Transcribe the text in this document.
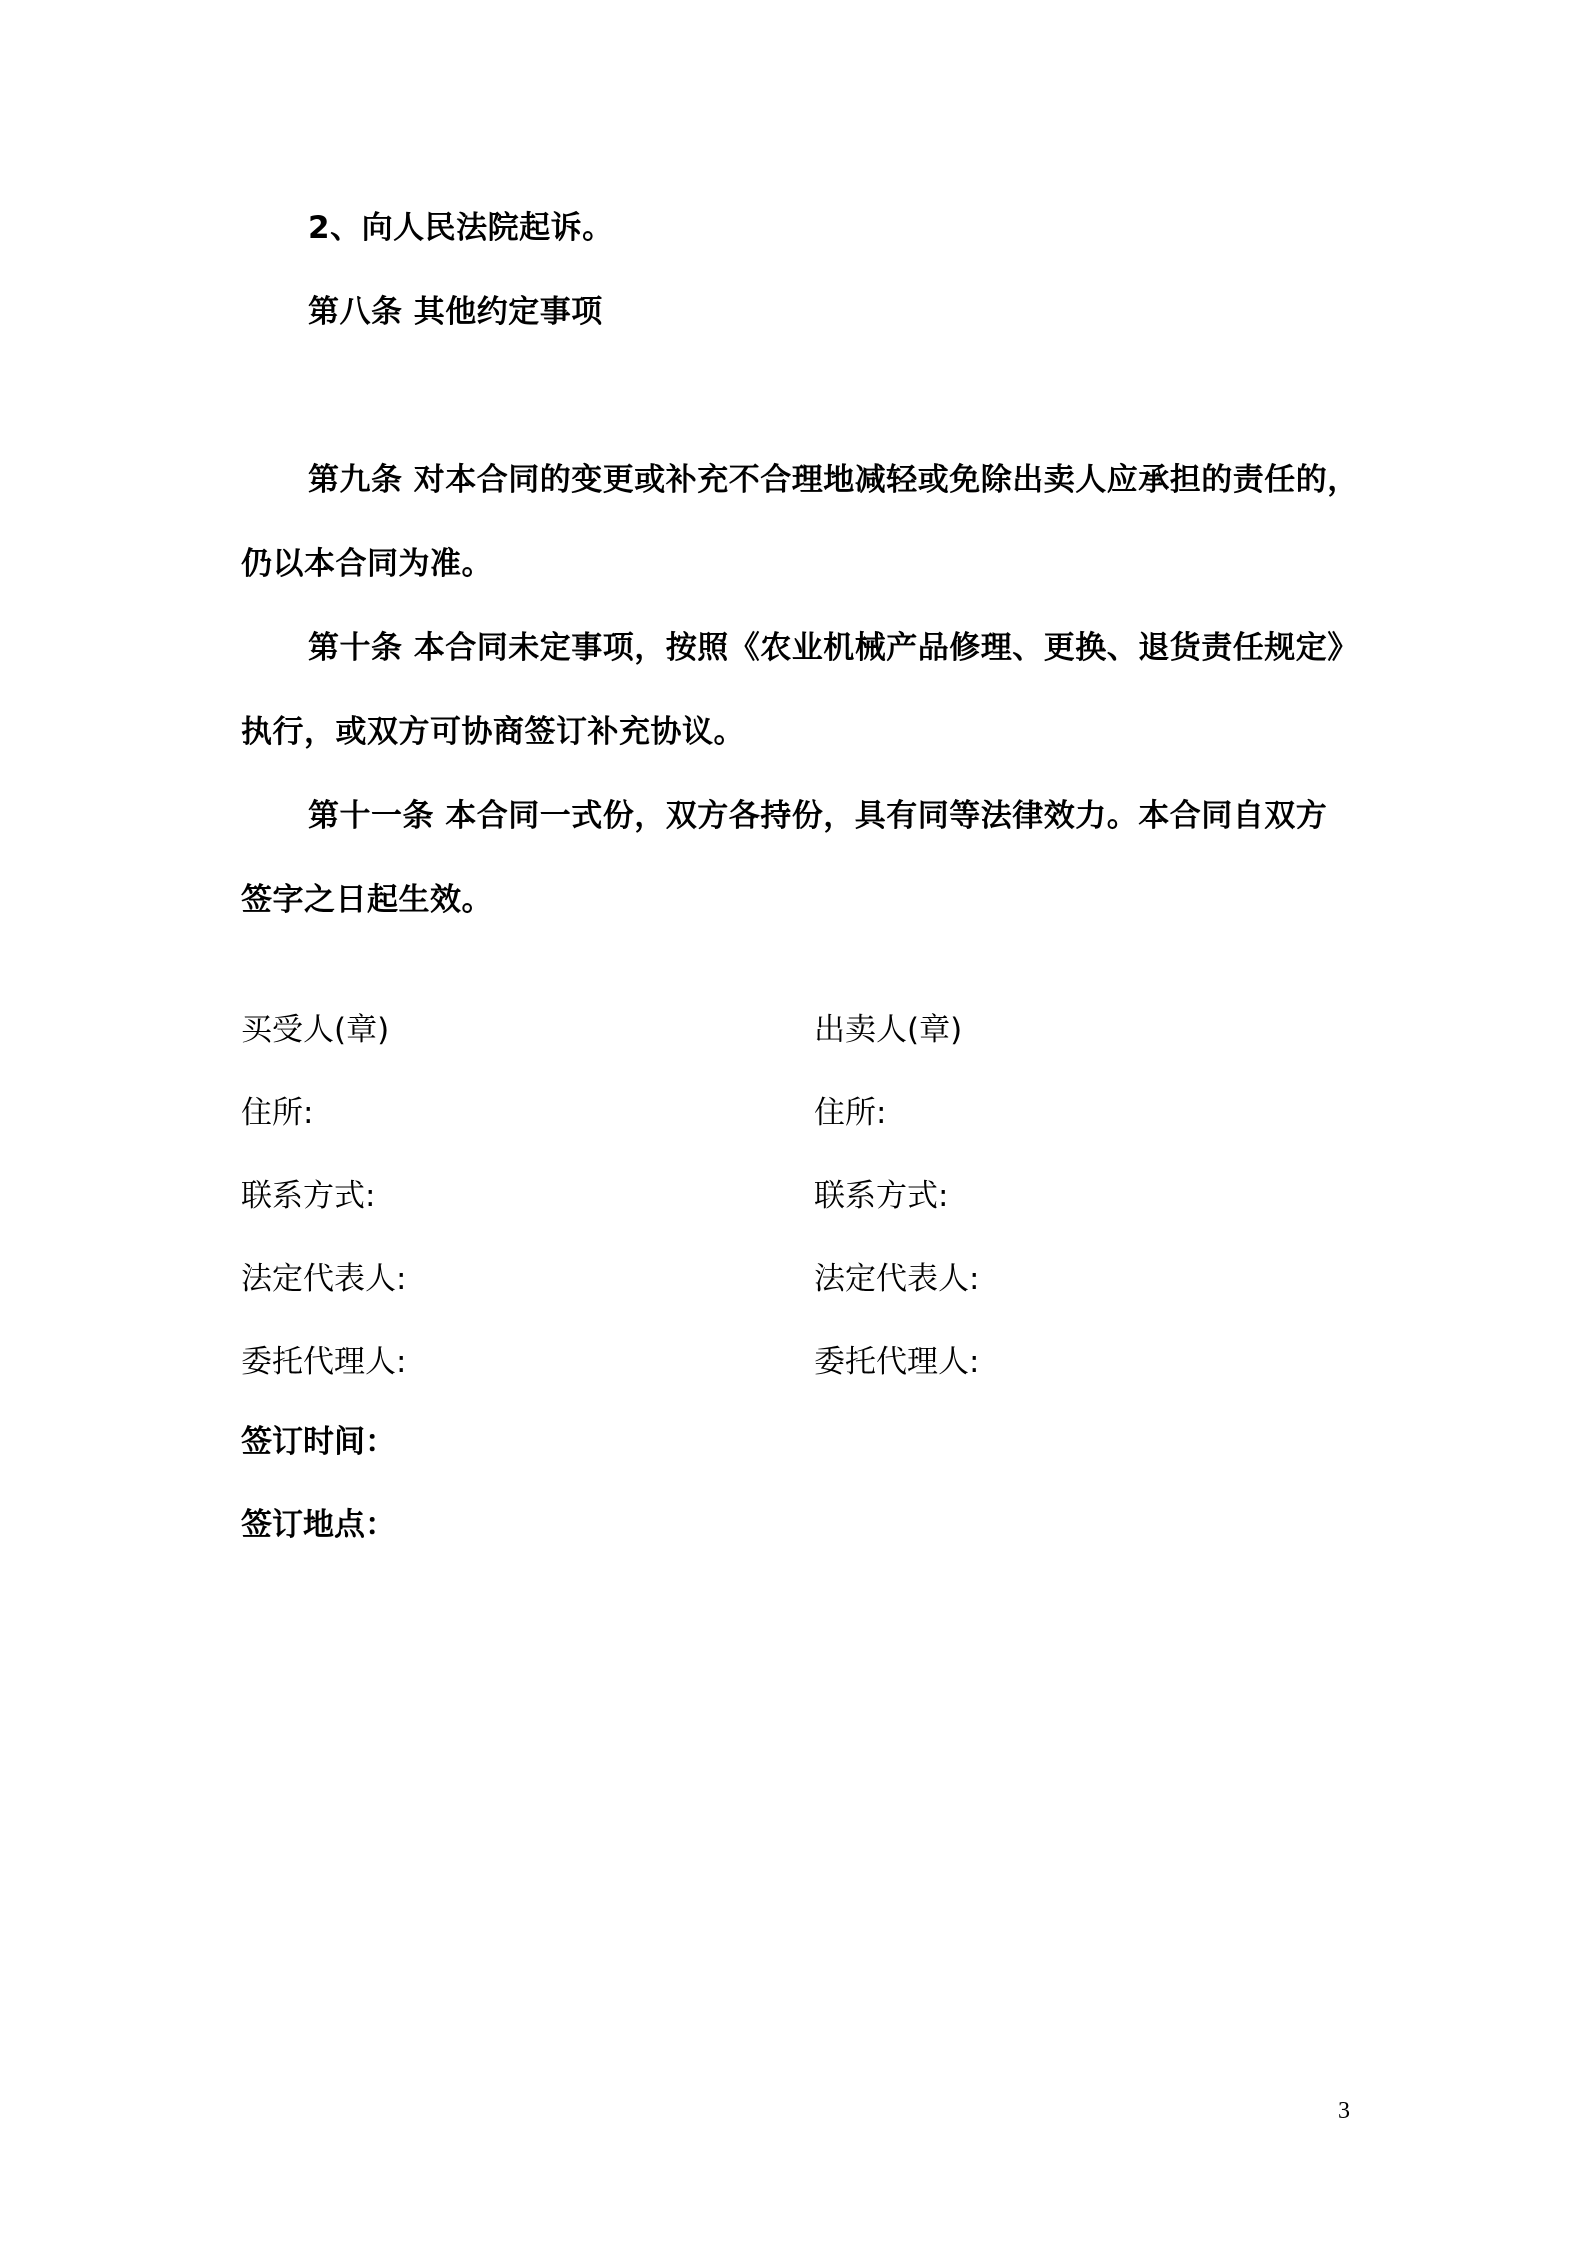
2、向人民法院起诉。
第八条 其他约定事项
第九条 对本合同的变更或补充不合理地减轻或免除出卖人应承担的责任的，
仍以本合同为准。
第十条 本合同未定事项，按照《农业机械产品修理、更换、退货责任规定》
执行，或双方可协商签订补充协议。
第十一条 本合同一式份，双方各持份，具有同等法律效力。本合同自双方
签字之日起生效。
买受人(章)	出卖人(章)
住所:	住所:
联系方式:	联系方式:
法定代表人:	法定代表人:
委托代理人:	委托代理人:
签订时间：
签订地点：
3
